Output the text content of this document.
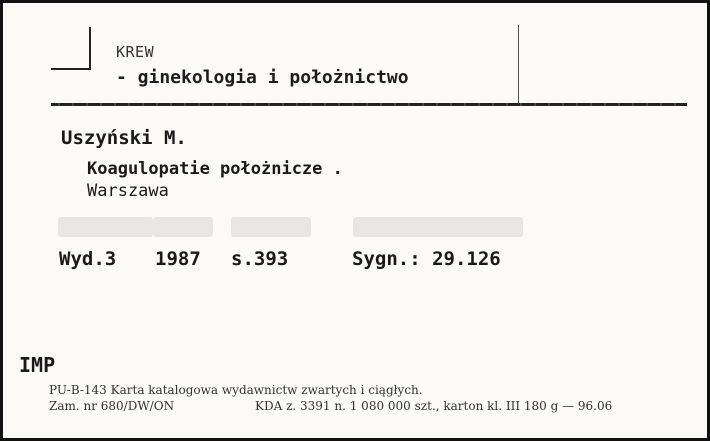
KREW
- ginekologia i położnictwo
Uszyński M.
Koagulopatie położnicze .
Warszawa
Wyd.3 1987 s.393	Sygn.: 29.126
IMP
PU-B-143 Karta katalogowa wydawnictw zwartych i ciągłych.
Zam. nr 680/DW/ON	KDA z. 3391 n. 1 080 000 szt., karton kl. III 180 g — 96.06
